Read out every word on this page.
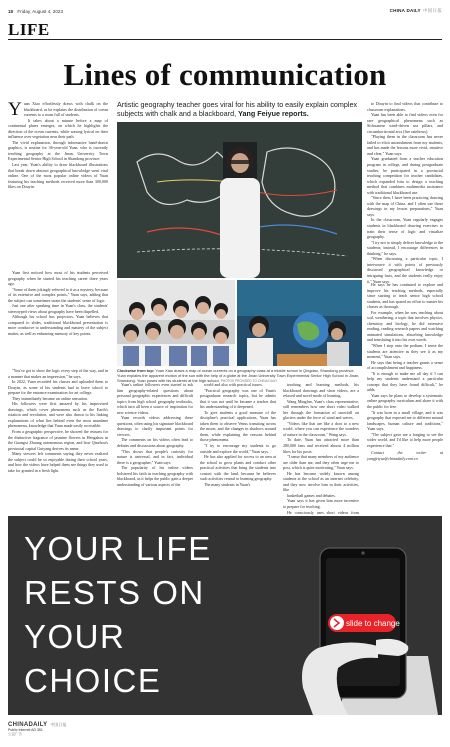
18 Friday, August 4, 2023	CHINA DAILY 中国日报
LIFE
Lines of communication
Artistic geography teacher goes viral for his ability to easily explain complex subjects with chalk and a blackboard, Yang Feiyue reports.
Y uan Xiao effortlessly draws with chalk on the blackboard, as he explains the distribution of ocean currents to a room full of students.

It takes about a minute before a map of continental plates emerges, on which he highlights the direction of the ocean currents, while waxing lyrical on their influence over vegetation near their path.

The vivid explanation, through informative hand-drawn graphics, is routine for 36-year-old Yuan, who is currently teaching geography at the Jinan University Town Experimental Senior High School in Shandong province.

Last year, Yuan's ability to draw blackboard illustrations that break down abstract geographical knowledge went viral online. One of the most popular online videos of Yuan featuring his teaching methods received more than 300,000 likes on Douyin.

Yuan first noticed how most of his students perceived geography when he started his teaching career three years ago.

"Some of them jokingly referred to it as a mystery, because of its extensive and complex points," Yuan says, adding that the subject can sometimes strain the students' sense of logic.

Just one after speaking time in Yuan's class, the students' stereotyped views about geography have been dispelled.

Although his school has projectors, Yuan believes that compared to slides, traditional blackboard presentation is more conducive to understanding and mastery of the subject matter, as well as enhancing memory of key points.

"You've got to show the logic every step of the way, and in a manner that makes an impression," he says.

In 2022, Yuan recorded his classes and uploaded them to Douyin, as some of his students had to leave school to prepare for the entrance examination for art college.

They immediately became an online sensation.

His followers were first amazed by his improvised drawings, which cover phenomena such as the Earth's rotation and revolution, and were also drawn to his linking explanations of what lies behind even the most mundane phenomena, knowledge that Yuan made easily accessible.

From a geographic perspective, he showed the reasons for the distinctive fragrance of jasmine flowers in Hengzhou in the Guangxi Zhuang autonomous region, and how Qinzhou's provincial capital Guiyang derives its name.

Many viewers left comments saying they never realized the subject could be so enjoyable during their school years, and how the videos have helped them see things they used to take for granted in a fresh light.

Clockwise from top: Yuan Xiao draws a map of ocean currents on a geography class at a middle school in Qingdao, Shandong province. Yuan explains the apparent motion of the sun with the help of a globe at the Jinan University Town Experimental Senior High School in Jinan, Shandong. Yuan poses with his students at the high school. PHOTOS PROVIDED TO CHINA DAILY

Yuan's online followers even started to ask him geography-related questions about personal geographic experiences and difficult topics from high school geography textbooks, which turn all been a source of inspiration for new science videos.

Yuan records videos addressing these questions, often using his signature blackboard drawings to clarify important points for viewers.

The comments on his videos often lead to debates and discussions about geography.

"This shows that people's curiosity for nature is universal, and in fact, individual there is a geographer," Yuan says.

The popularity of his online videos bolstered his faith in teaching geography with blackboard, as it helps the public gain a deeper understanding of various aspects of the

world and also with practical issues.

"Practical geography was one of Yuan's postgraduate research topics, but he admits that it was not until he became a teacher that his understanding of it deepened.

To give students a good measure of the discipline's practical applications, Yuan has taken them to observe Venus transiting across the moon, and the changes in shadows around them, while explaining the reasons behind those phenomena.

"I try to encourage my students to go outside and explore the world," Yuan says.

He has also applied for access to an area at the school to grow plants and conduct other practical activities that bring the students into contact with the land, because he believes such activities central to learning geography.

The many students in Yuan's

teaching and learning methods, his blackboard drawings and short videos, are a relaxed and novel mode of learning.

Wang Mingfan, Yuan's class representative, still remembers how one short video walked her through the formation of snowfall on glaciers under the force of wind and waves.

"Videos like that are like a door to a new world, where you can experience the wonders of nature in the classroom," Wang says.

To date, Yuan has attracted more than 280,000 fans and received almost 4 million likes for his posts.

"I sense that many members of my audience are older than me, and they often urge me to post, which is quite motivating," Yuan says.

He has become widely known among students at the school as an internet celebrity, and they now involve him in their activities, like

basketball games and debates.

Yuan says it has given him more incentive to prepare for teaching.

He consciously uses short videos from

to Douyin to find videos that contribute to classroom explanations.

Yuan has been able to find videos even for rare geographical phenomena such as Sichuanese wind-driven sea pillars, and circumhorizontal arcs (fire rainbows).

"Playing them in the classroom has never failed to elicit astonishment from my students, and has made the lessons more vivid, intuitive and clear," Yuan says.

Yuan graduated from a teacher education program in college, and during postgraduate studies, he participated in a provincial teaching competition for teacher candidates, which expanded him to design a teaching method that combines multimedia assistance with traditional blackboard use.

"Since then, I have been practicing drawing with the map of China, and I often use those drawings in my lesson preparations," Yuan says.

In the classroom, Yuan regularly engages students in blackboard drawing exercises to train their sense of logic and visualize geography.

"I try not to simply deliver knowledge to the students; instead, I encourage differences in thinking," he says.

"When discussing a particular topic, I interweave it with points of previously discussed geographical knowledge or intriguing facts, and the students really enjoy it," Yuan says.

He says he has continued to explore and improve his teaching methods, especially since starting to teach senior high school students, and has spared no effort to master his classes as thorough.

For example, when he was teaching about soil, weathering, a topic that involves physics, chemistry and biology, he did extensive reading, reading research papers and watching animated simulations, absorbing knowledge and translating it into his own words.

"When I step onto the podium, I sense the students are attentive as they see it as my moment," Yuan says.

He says that being a teacher grants a sense of accomplishment and happiness.

"It is enough to make me all day if I can help my students understand a particular concept that they have found difficult," he adds.

Yuan says he plans to develop a systematic online geography curriculum and share it with the public for free.

"It was born in a small village, and it was geography that exposed me to different natural landscapes, human culture and traditions," Yuan says.

"The subject gave me a longing to see the wider world, and I'd like to help more people experience that."

Contact the writer at yangfeiyue@chinadaily.com.cn

YOUR LIFE
RESTS ON
YOUR
CHOICE
slide to change
CHINADAILY 中国日报
Public Internet AD 351
公益广告
